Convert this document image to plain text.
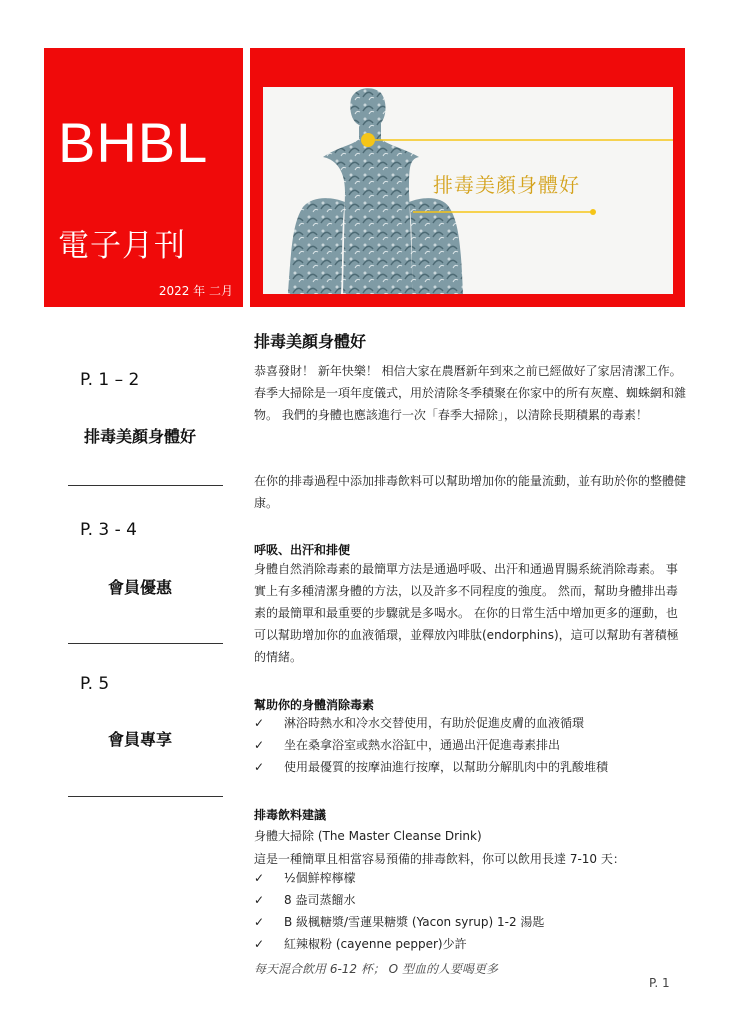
BHBL
電子月刊
2022 年 二月
排毒美顏身體好
P. 1 – 2
排毒美顏身體好
P. 3 - 4
會員優惠
P. 5
會員專享
排毒美顏身體好
恭喜發財！ 新年快樂！ 相信大家在農曆新年到來之前已經做好了家居清潔工作。 春季大掃除是一項年度儀式，用於清除冬季積聚在你家中的所有灰塵、蜘蛛網和雜物。 我們的身體也應該進行一次「春季大掃除」，以清除長期積累的毒素！
在你的排毒過程中添加排毒飲料可以幫助增加你的能量流動，並有助於你的整體健康。
呼吸、出汗和排便
身體自然消除毒素的最簡單方法是通過呼吸、出汗和通過胃腸系統消除毒素。 事實上有多種清潔身體的方法，以及許多不同程度的強度。 然而，幫助身體排出毒素的最簡單和最重要的步驟就是多喝水。 在你的日常生活中增加更多的運動，也可以幫助增加你的血液循環，並釋放內啡肽(endorphins)，這可以幫助有著積極的情緒。
幫助你的身體消除毒素
✓	淋浴時熱水和冷水交替使用，有助於促進皮膚的血液循環
✓	坐在桑拿浴室或熱水浴缸中，通過出汗促進毒素排出
✓	使用最優質的按摩油進行按摩，以幫助分解肌肉中的乳酸堆積
排毒飲料建議
身體大掃除 (The Master Cleanse Drink)
這是一種簡單且相當容易預備的排毒飲料，你可以飲用長達 7-10 天：
✓	½個鮮榨檸檬
✓	8 盎司蒸餾水
✓	B 級楓糖漿/雪蓮果糖漿 (Yacon syrup) 1-2 湯匙
✓	紅辣椒粉 (cayenne pepper)少許
每天混合飲用 6-12 杯； O 型血的人要喝更多
P. 1
